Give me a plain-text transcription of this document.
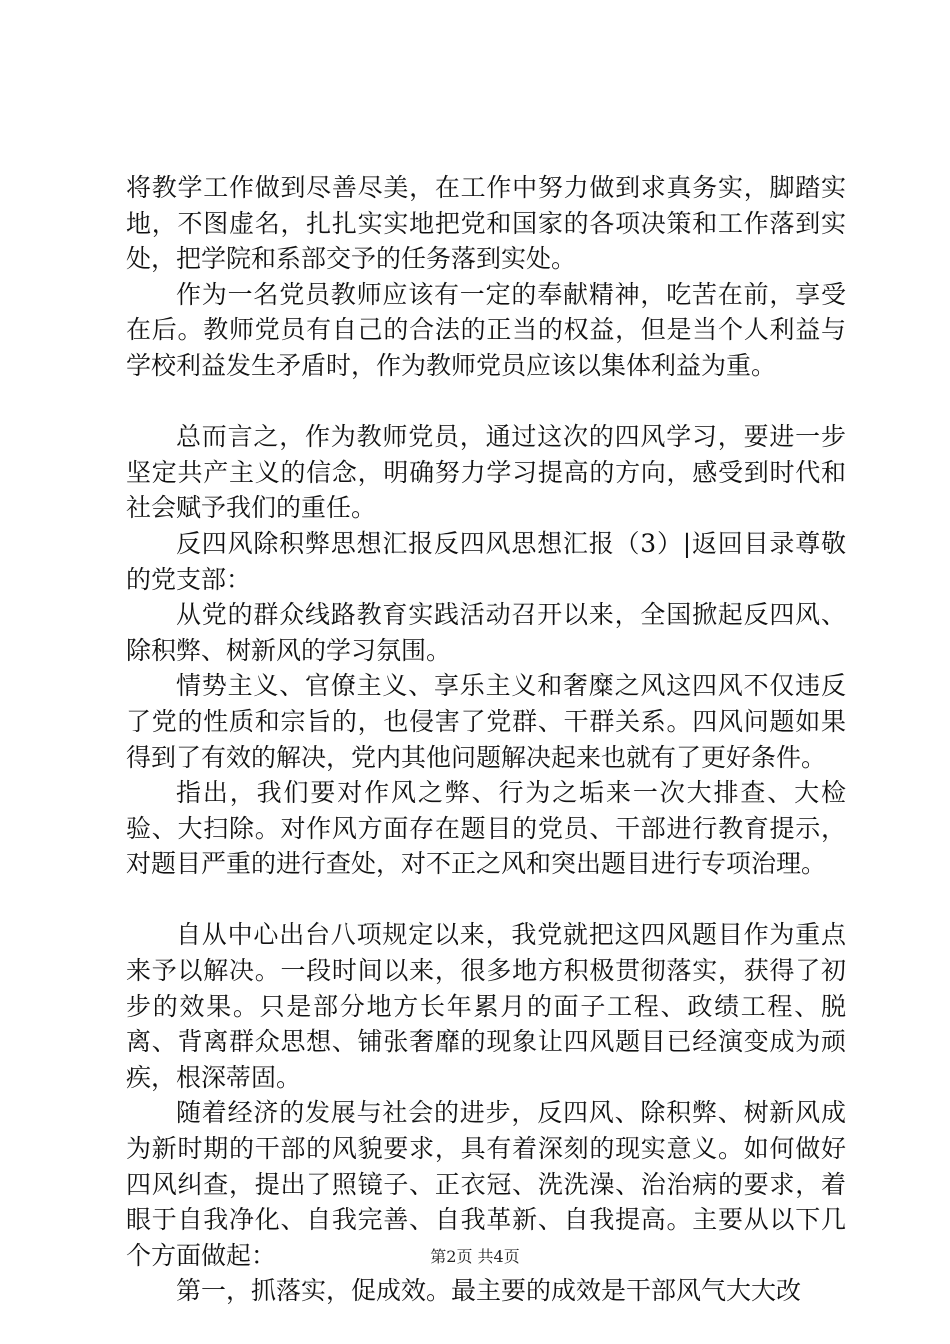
将教学工作做到尽善尽美，在工作中努力做到求真务实，脚踏实地，不图虚名，扎扎实实地把党和国家的各项决策和工作落到实处，把学院和系部交予的任务落到实处。

作为一名党员教师应该有一定的奉献精神，吃苦在前，享受在后。教师党员有自己的合法的正当的权益，但是当个人利益与学校利益发生矛盾时，作为教师党员应该以集体利益为重。

总而言之，作为教师党员，通过这次的四风学习，要进一步坚定共产主义的信念，明确努力学习提高的方向，感受到时代和社会赋予我们的重任。

反四风除积弊思想汇报反四风思想汇报（3）|返回目录尊敬的党支部：

从党的群众线路教育实践活动召开以来，全国掀起反四风、除积弊、树新风的学习氛围。

情势主义、官僚主义、享乐主义和奢糜之风这四风不仅违反了党的性质和宗旨的，也侵害了党群、干群关系。四风问题如果得到了有效的解决，党内其他问题解决起来也就有了更好条件。

指出，我们要对作风之弊、行为之垢来一次大排查、大检验、大扫除。对作风方面存在题目的党员、干部进行教育提示，对题目严重的进行查处，对不正之风和突出题目进行专项治理。

自从中心出台八项规定以来，我党就把这四风题目作为重点来予以解决。一段时间以来，很多地方积极贯彻落实，获得了初步的效果。只是部分地方长年累月的面子工程、政绩工程、脱离、背离群众思想、铺张奢靡的现象让四风题目已经演变成为顽疾，根深蒂固。

随着经济的发展与社会的进步，反四风、除积弊、树新风成为新时期的干部的风貌要求，具有着深刻的现实意义。如何做好四风纠查，提出了照镜子、正衣冠、洗洗澡、治治病的要求，着眼于自我净化、自我完善、自我革新、自我提高。主要从以下几个方面做起：

第一，抓落实，促成效。最主要的成效是干部风气大大改

第2页 共4页
